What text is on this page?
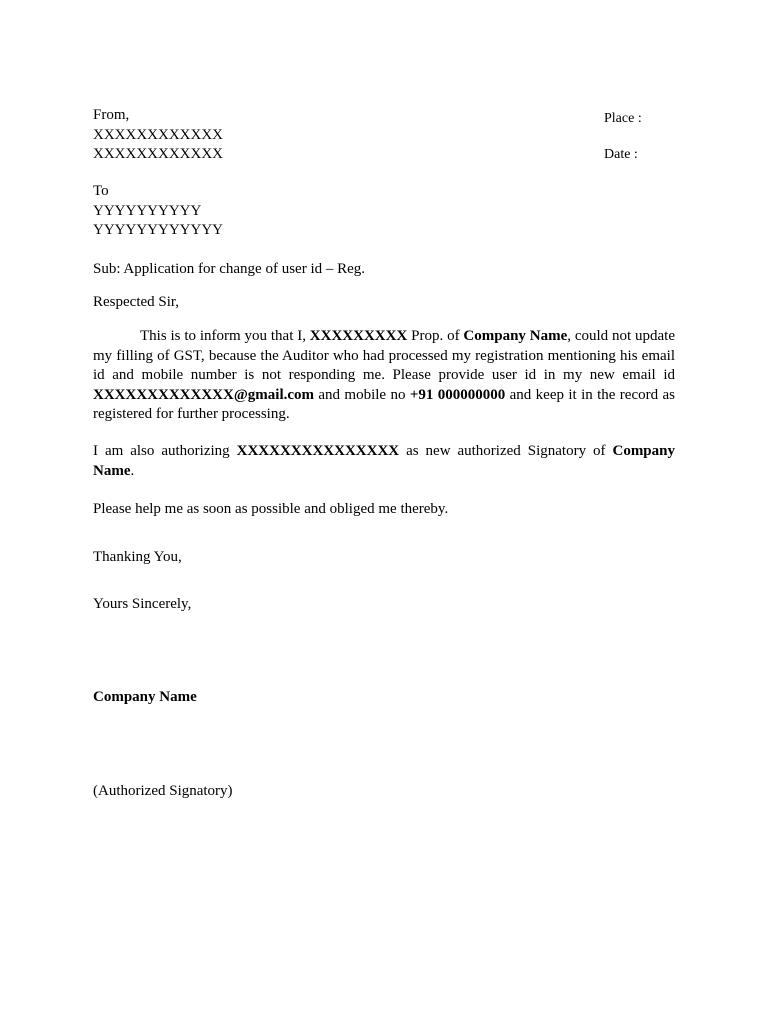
From,
XXXXXXXXXXXX
XXXXXXXXXXXX
Place :
Date :
To
YYYYYYYYYY
YYYYYYYYYYYY
Sub: Application for change of user id – Reg.
Respected Sir,
This is to inform you that I, XXXXXXXXX Prop. of Company Name, could not update my filling of GST, because the Auditor who had processed my registration mentioning his email id and mobile number is not responding me. Please provide user id in my new email id XXXXXXXXXXXXX@gmail.com and mobile no +91 000000000 and keep it in the record as registered for further processing.
I am also authorizing XXXXXXXXXXXXXXX as new authorized Signatory of Company Name.
Please help me as soon as possible and obliged me thereby.
Thanking You,
Yours Sincerely,
Company Name
(Authorized Signatory)
